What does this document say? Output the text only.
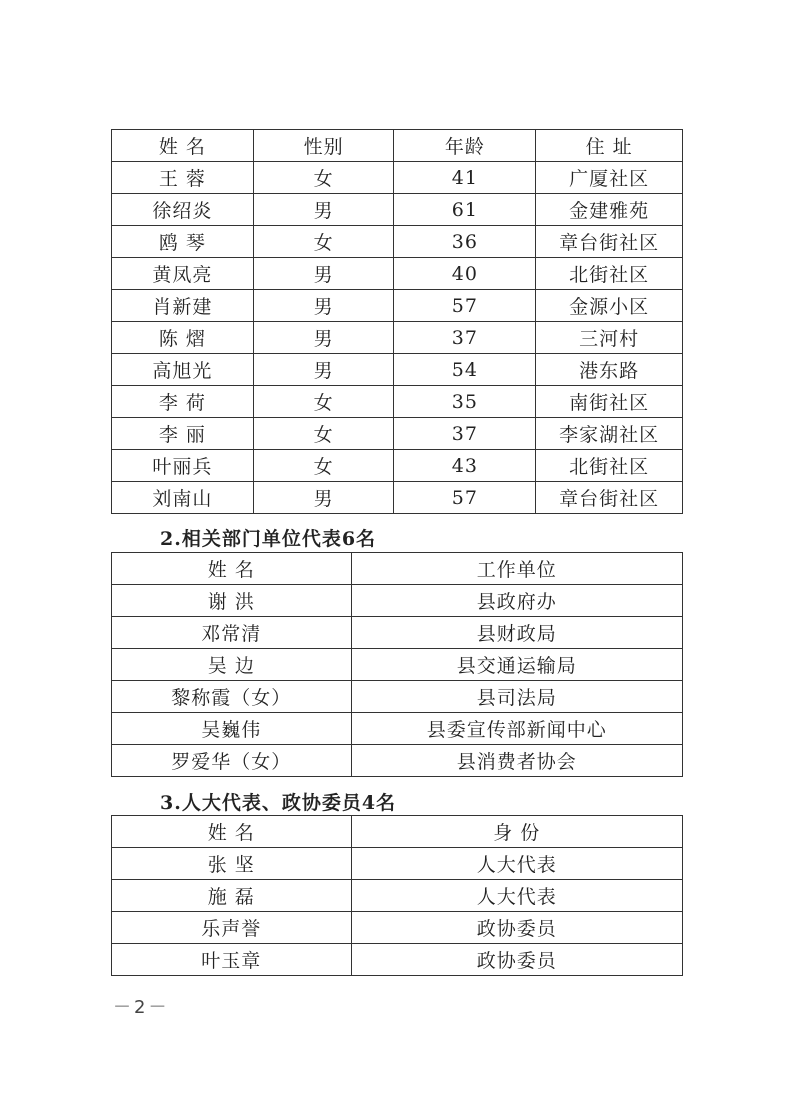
姓 名	性别	年龄	住 址
王 蓉	女	41	广厦社区
徐绍炎	男	61	金建雅苑
鸥 琴	女	36	章台街社区
黄凤亮	男	40	北街社区
肖新建	男	57	金源小区
陈 熠	男	37	三河村
高旭光	男	54	港东路
李 荷	女	35	南街社区
李 丽	女	37	李家湖社区
叶丽兵	女	43	北街社区
刘南山	男	57	章台街社区
2.相关部门单位代表6名
姓 名	工作单位
谢 洪	县政府办
邓常清	县财政局
吴 边	县交通运输局
黎称霞（女）	县司法局
吴巍伟	县委宣传部新闻中心
罗爱华（女）	县消费者协会
3.人大代表、政协委员4名
姓 名	身 份
张 坚	人大代表
施 磊	人大代表
乐声誉	政协委员
叶玉章	政协委员
－2－
